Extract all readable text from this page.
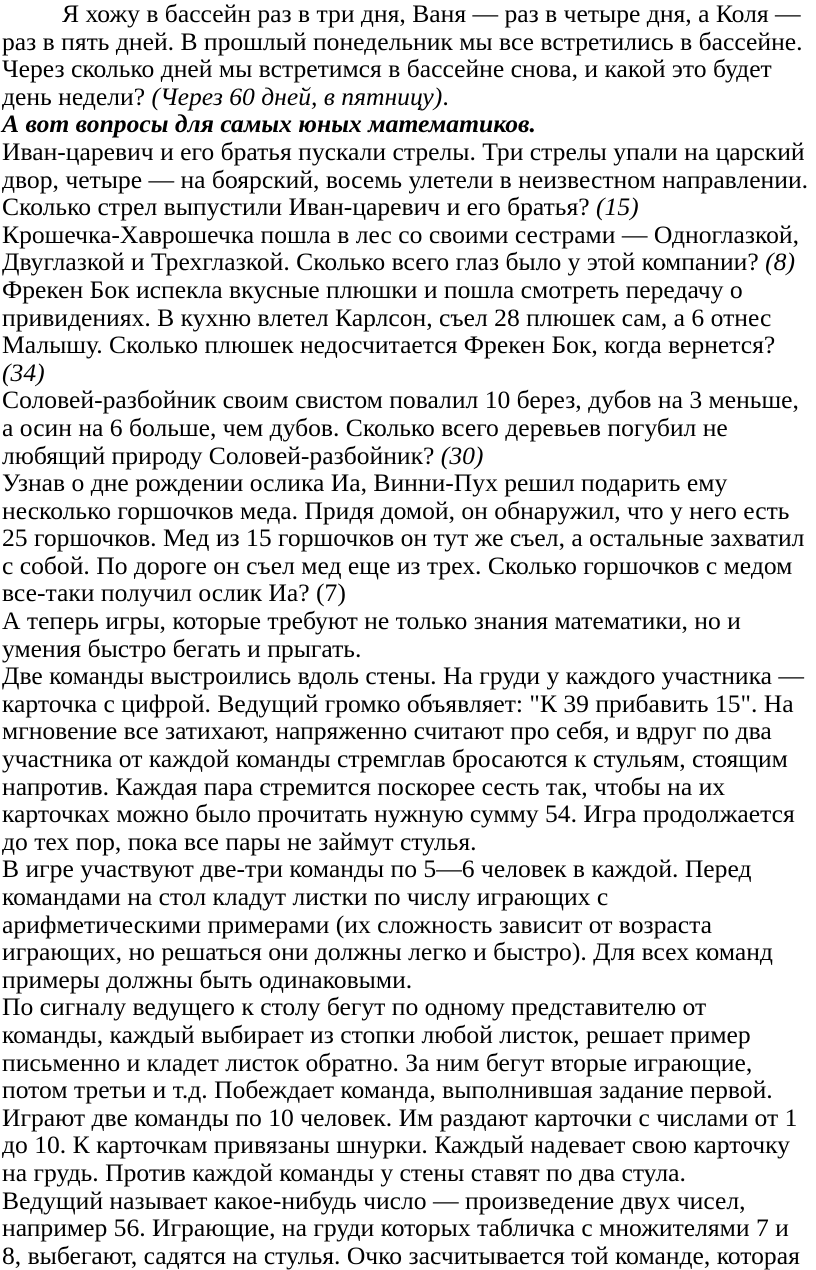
Я хожу в бассейн раз в три дня, Ваня — раз в четыре дня, а Коля — раз в пять дней. В прошлый понедельник мы все встретились в бассейне. Через сколько дней мы встретимся в бассейне снова, и какой это будет день недели? (Через 60 дней, в пятницу).

А вот вопросы для самых юных математиков.

Иван-царевич и его братья пускали стрелы. Три стрелы упали на царский двор, четыре — на боярский, восемь улетели в неизвестном направлении. Сколько стрел выпустили Иван-царевич и его братья? (15)

Крошечка-Хаврошечка пошла в лес со своими сестрами — Одноглазкой, Двуглазкой и Трехглазкой. Сколько всего глаз было у этой компании? (8)

Фрекен Бок испекла вкусные плюшки и пошла смотреть передачу о привидениях. В кухню влетел Карлсон, съел 28 плюшек сам, а 6 отнес Малышу. Сколько плюшек недосчитается Фрекен Бок, когда вернется? (34)

Соловей-разбойник своим свистом повалил 10 берез, дубов на 3 меньше, а осин на 6 больше, чем дубов. Сколько всего деревьев погубил не любящий природу Соловей-разбойник? (30)

Узнав о дне рождении ослика Иа, Винни-Пух решил подарить ему несколько горшочков меда. Придя домой, он обнаружил, что у него есть 25 горшочков. Мед из 15 горшочков он тут же съел, а остальные захватил с собой. По дороге он съел мед еще из трех. Сколько горшочков с медом все-таки получил ослик Иа? (7)

А теперь игры, которые требуют не только знания математики, но и умения быстро бегать и прыгать.

Две команды выстроились вдоль стены. На груди у каждого участника — карточка с цифрой. Ведущий громко объявляет: "К 39 прибавить 15". На мгновение все затихают, напряженно считают про себя, и вдруг по два участника от каждой команды стремглав бросаются к стульям, стоящим напротив. Каждая пара стремится поскорее сесть так, чтобы на их карточках можно было прочитать нужную сумму 54. Игра продолжается до тех пор, пока все пары не займут стулья.

В игре участвуют две-три команды по 5—6 человек в каждой. Перед командами на стол кладут листки по числу играющих с арифметическими примерами (их сложность зависит от возраста играющих, но решаться они должны легко и быстро). Для всех команд примеры должны быть одинаковыми.

По сигналу ведущего к столу бегут по одному представителю от команды, каждый выбирает из стопки любой листок, решает пример письменно и кладет листок обратно. За ним бегут вторые играющие, потом третьи и т.д. Побеждает команда, выполнившая задание первой.

Играют две команды по 10 человек. Им раздают карточки с числами от 1 до 10. К карточкам привязаны шнурки. Каждый надевает свою карточку на грудь. Против каждой команды у стены ставят по два стула.

Ведущий называет какое-нибудь число — произведение двух чисел, например 56. Играющие, на груди которых табличка с множителями 7 и 8, выбегают, садятся на стулья. Очко засчитывается той команде, которая
